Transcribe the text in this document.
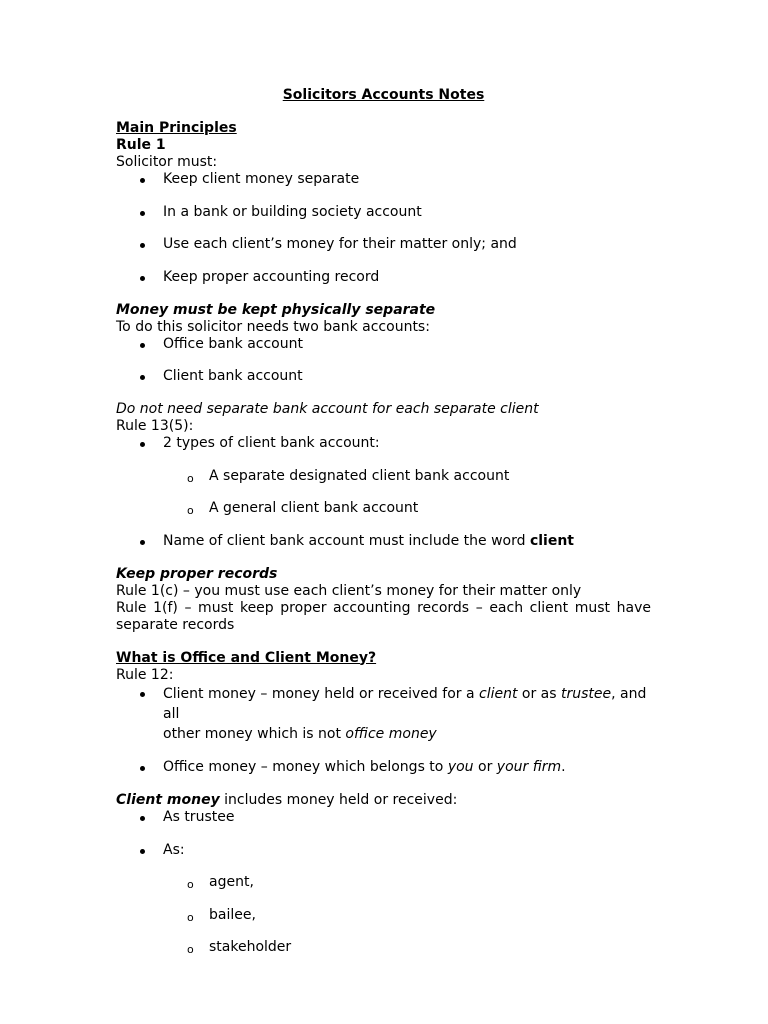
Solicitors Accounts Notes

Main Principles

Rule 1

Solicitor must:

Keep client money separate
In a bank or building society account
Use each client’s money for their matter only; and
Keep proper accounting record

Money must be kept physically separate

To do this solicitor needs two bank accounts:

Office bank account
Client bank account

Do not need separate bank account for each separate client

Rule 13(5):

2 types of client bank account:
o A separate designated client bank account
o A general client bank account
Name of client bank account must include the word client

Keep proper records

Rule 1(c) – you must use each client’s money for their matter only

Rule 1(f) – must keep proper accounting records – each client must have separate records

What is Office and Client Money?

Rule 12:

Client money – money held or received for a client or as trustee, and all
other money which is not office money
Office money – money which belongs to you or your firm.

Client money includes money held or received:

As trustee
As:
o agent,
o bailee,
o stakeholder
